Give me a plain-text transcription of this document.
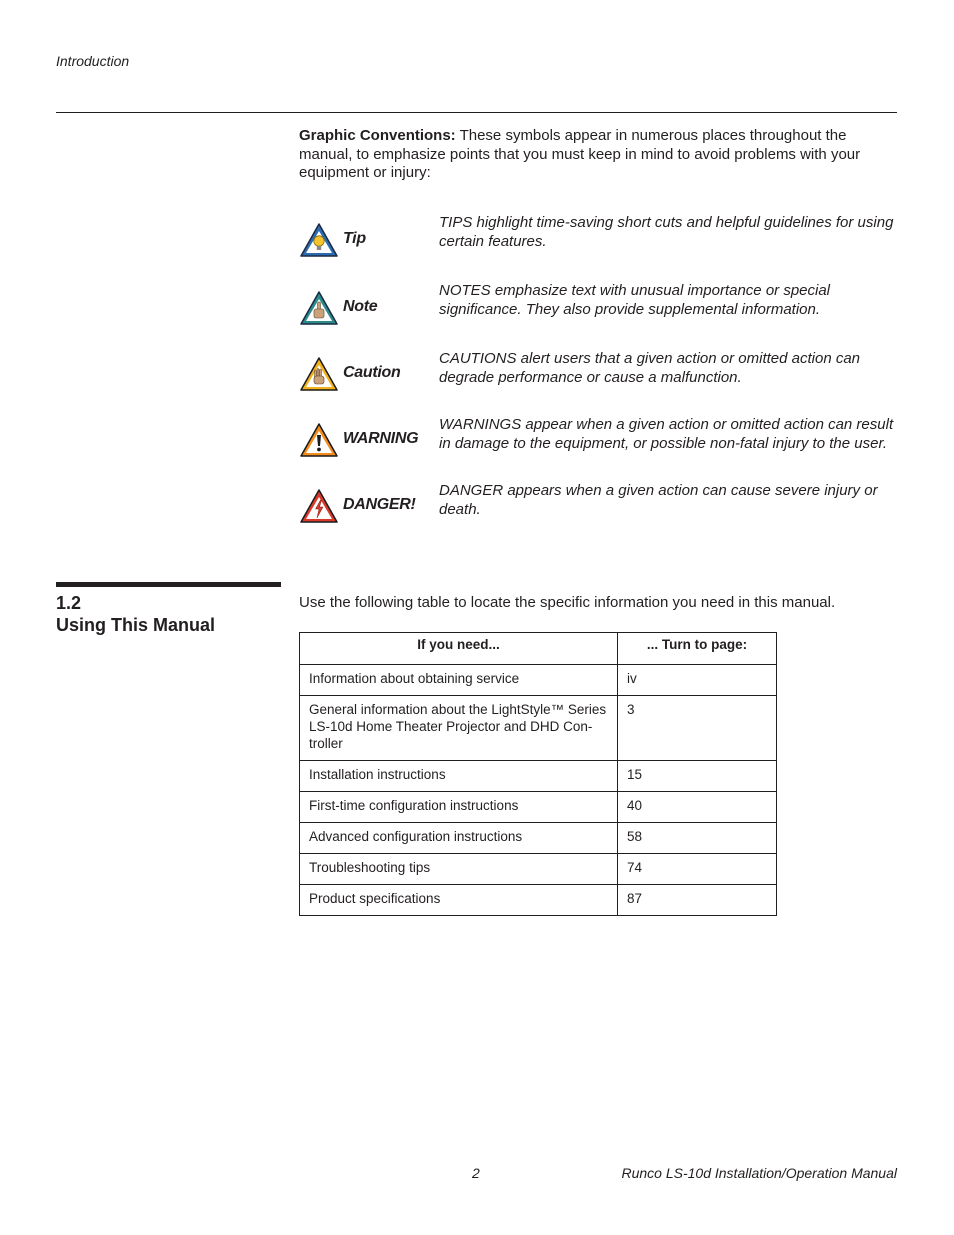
Introduction
Graphic Conventions: These symbols appear in numerous places throughout the manual, to emphasize points that you must keep in mind to avoid problems with your equipment or injury:
Tip
TIPS highlight time-saving short cuts and helpful guidelines for using certain features.
Note
NOTES emphasize text with unusual importance or special significance. They also provide supplemental information.
Caution
CAUTIONS alert users that a given action or omitted action can degrade performance or cause a malfunction.
WARNING
WARNINGS appear when a given action or omitted action can result in damage to the equipment, or possible non-fatal injury to the user.
DANGER!
DANGER appears when a given action can cause severe injury or death.
1.2
Using This Manual
Use the following table to locate the specific information you need in this manual.
If you need...	... Turn to page:
Information about obtaining service	iv
General information about the LightStyle™ Series LS-10d Home Theater Projector and DHD Con-troller	3
Installation instructions	15
First-time configuration instructions	40
Advanced configuration instructions	58
Troubleshooting tips	74
Product specifications	87
2	Runco LS-10d Installation/Operation Manual
